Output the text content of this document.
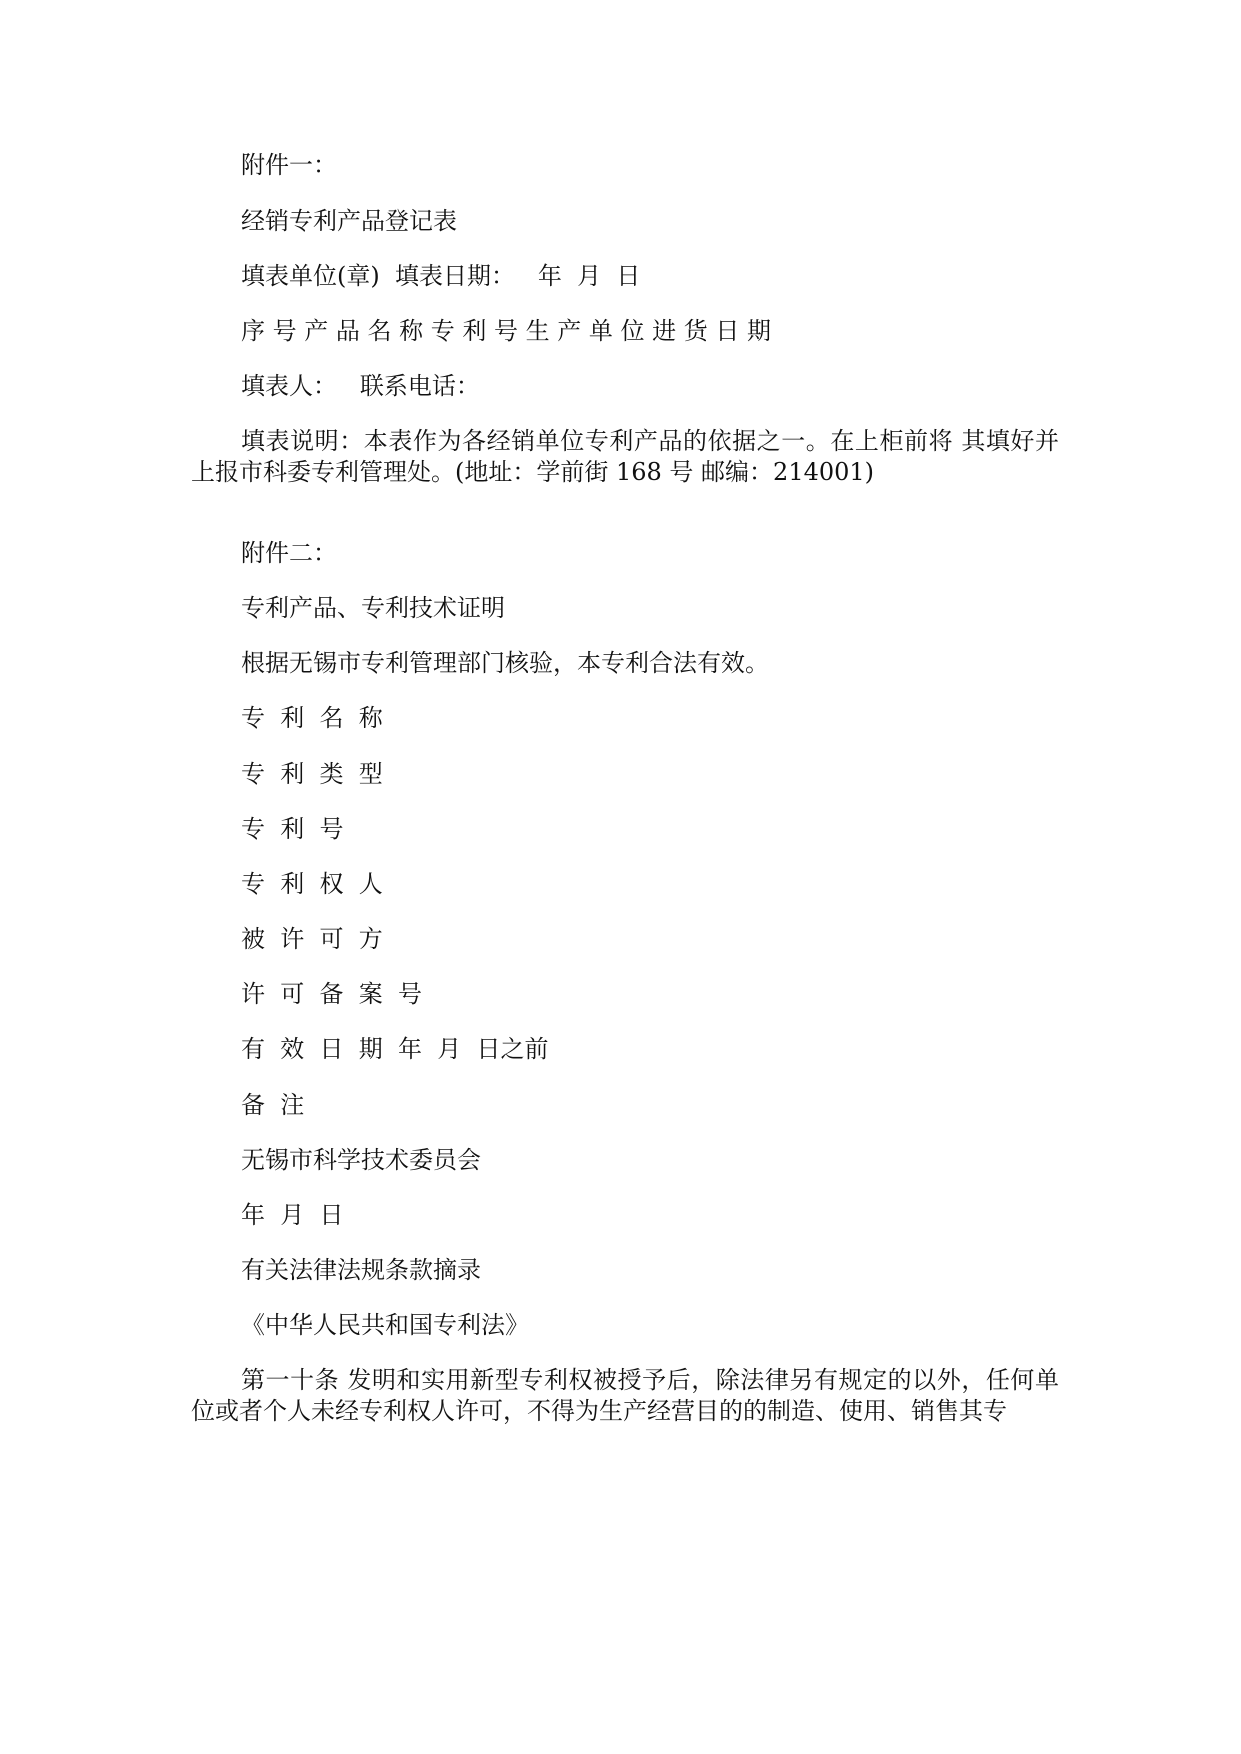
附件一：

经销专利产品登记表

填表单位(章)  填表日期：   年  月  日

序 号 产 品 名 称 专 利 号 生 产 单 位 进 货 日 期

填表人：   联系电话：

填表说明：本表作为各经销单位专利产品的依据之一。在上柜前将 其填好并上报市科委专利管理处。(地址：学前街 168 号 邮编：214001)

附件二：

专利产品、专利技术证明

根据无锡市专利管理部门核验，本专利合法有效。

专  利  名  称

专  利  类  型

专  利  号

专  利  权  人

被  许  可  方

许  可  备  案  号

有  效  日  期  年  月  日之前

备  注

无锡市科学技术委员会

年  月  日

有关法律法规条款摘录

《中华人民共和国专利法》

第一十条 发明和实用新型专利权被授予后，除法律另有规定的以外，任何单位或者个人未经专利权人许可，不得为生产经营目的的制造、使用、销售其专
